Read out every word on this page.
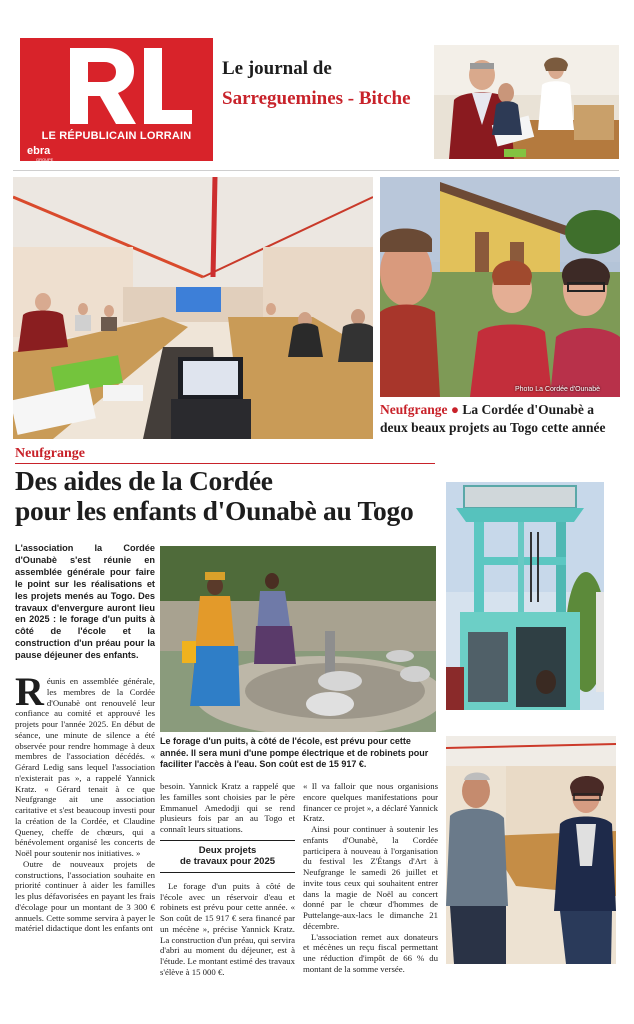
LE RÉPUBLICAIN LORRAIN
ebra
GROUPE
Le journal de
Sarreguemines - Bitche
Photo La Cordée d'Ounabè
Neufgrange ● La Cordée d'Ounabè a deux beaux projets au Togo cette année
Neufgrange
Des aides de la Cordée
pour les enfants d'Ounabè au Togo
L'association la Cordée d'Ounabè s'est réunie en assemblée générale pour faire le point sur les réalisations et les projets menés au Togo. Des travaux d'envergure auront lieu en 2025 : le forage d'un puits à côté de l'école et la construction d'un préau pour la pause déjeuner des enfants.

Réunis en assemblée générale, les membres de la Cordée d'Ounabè ont renouvelé leur confiance au comité et approuvé les projets pour l'année 2025. En début de séance, une minute de silence a été observée pour rendre hommage à deux membres de l'association décédés. « Gérard Ledig sans lequel l'association n'existerait pas », a rappelé Yannick Kratz. « Gérard tenait à ce que Neufgrange ait une association caritative et s'est beaucoup investi pour la création de la Cordée, et Claudine Queney, cheffe de chœurs, qui a bénévolement organisé les concerts de Noël pour soutenir nos initiatives. »

Outre de nouveaux projets de constructions, l'association souhaite en priorité continuer à aider les familles les plus défavorisées en payant les frais d'écolage pour un montant de 3 300 € annuels. Cette somme servira à payer le matériel didactique dont les enfants ont

Le forage d'un puits, à côté de l'école, est prévu pour cette année. Il sera muni d'une pompe électrique et de robinets pour faciliter l'accès à l'eau. Son coût est de 15 917 €.

besoin. Yannick Kratz a rappelé que les familles sont choisies par le père Emmanuel Amedodji qui se rend plusieurs fois par an au Togo et connaît leurs situations.

Deux projets
de travaux pour 2025

Le forage d'un puits à côté de l'école avec un réservoir d'eau et robinets est prévu pour cette année. « Son coût de 15 917 € sera financé par un mécène », précise Yannick Kratz. La construction d'un préau, qui servira d'abri au moment du déjeuner, est à l'étude. Le montant estimé des travaux s'élève à 15 000 €.

« Il va falloir que nous organisions encore quelques manifestations pour financer ce projet », a déclaré Yannick Kratz.

Ainsi pour continuer à soutenir les enfants d'Ounabè, la Cordée participera à nouveau à l'organisation du festival les Z'Étangs d'Art à Neufgrange le samedi 26 juillet et invite tous ceux qui souhaitent entrer dans la magie de Noël au concert donné par le chœur d'hommes de Puttelange-aux-lacs le dimanche 21 décembre.

L'association remet aux donateurs et mécènes un reçu fiscal permettant une réduction d'impôt de 66 % du montant de la somme versée.
